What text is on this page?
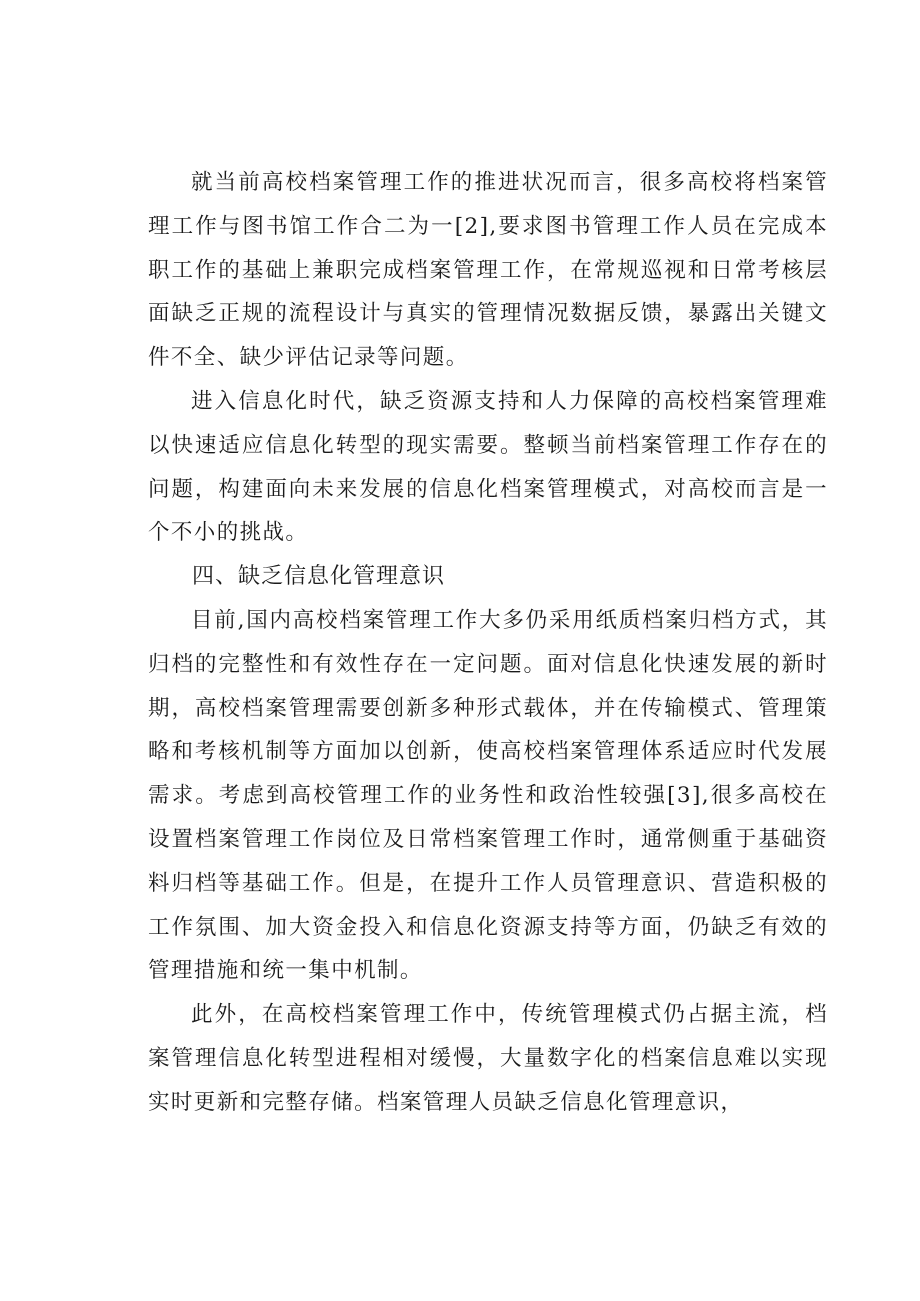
就当前高校档案管理工作的推进状况而言，很多高校将档案管理工作与图书馆工作合二为一[2],要求图书管理工作人员在完成本职工作的基础上兼职完成档案管理工作，在常规巡视和日常考核层面缺乏正规的流程设计与真实的管理情况数据反馈，暴露出关键文件不全、缺少评估记录等问题。

进入信息化时代，缺乏资源支持和人力保障的高校档案管理难以快速适应信息化转型的现实需要。整顿当前档案管理工作存在的问题，构建面向未来发展的信息化档案管理模式，对高校而言是一个不小的挑战。

四、缺乏信息化管理意识

目前,国内高校档案管理工作大多仍采用纸质档案归档方式，其归档的完整性和有效性存在一定问题。面对信息化快速发展的新时期，高校档案管理需要创新多种形式载体，并在传输模式、管理策略和考核机制等方面加以创新，使高校档案管理体系适应时代发展需求。考虑到高校管理工作的业务性和政治性较强[3],很多高校在设置档案管理工作岗位及日常档案管理工作时，通常侧重于基础资料归档等基础工作。但是，在提升工作人员管理意识、营造积极的工作氛围、加大资金投入和信息化资源支持等方面，仍缺乏有效的管理措施和统一集中机制。

此外，在高校档案管理工作中，传统管理模式仍占据主流，档案管理信息化转型进程相对缓慢，大量数字化的档案信息难以实现实时更新和完整存储。档案管理人员缺乏信息化管理意识，
